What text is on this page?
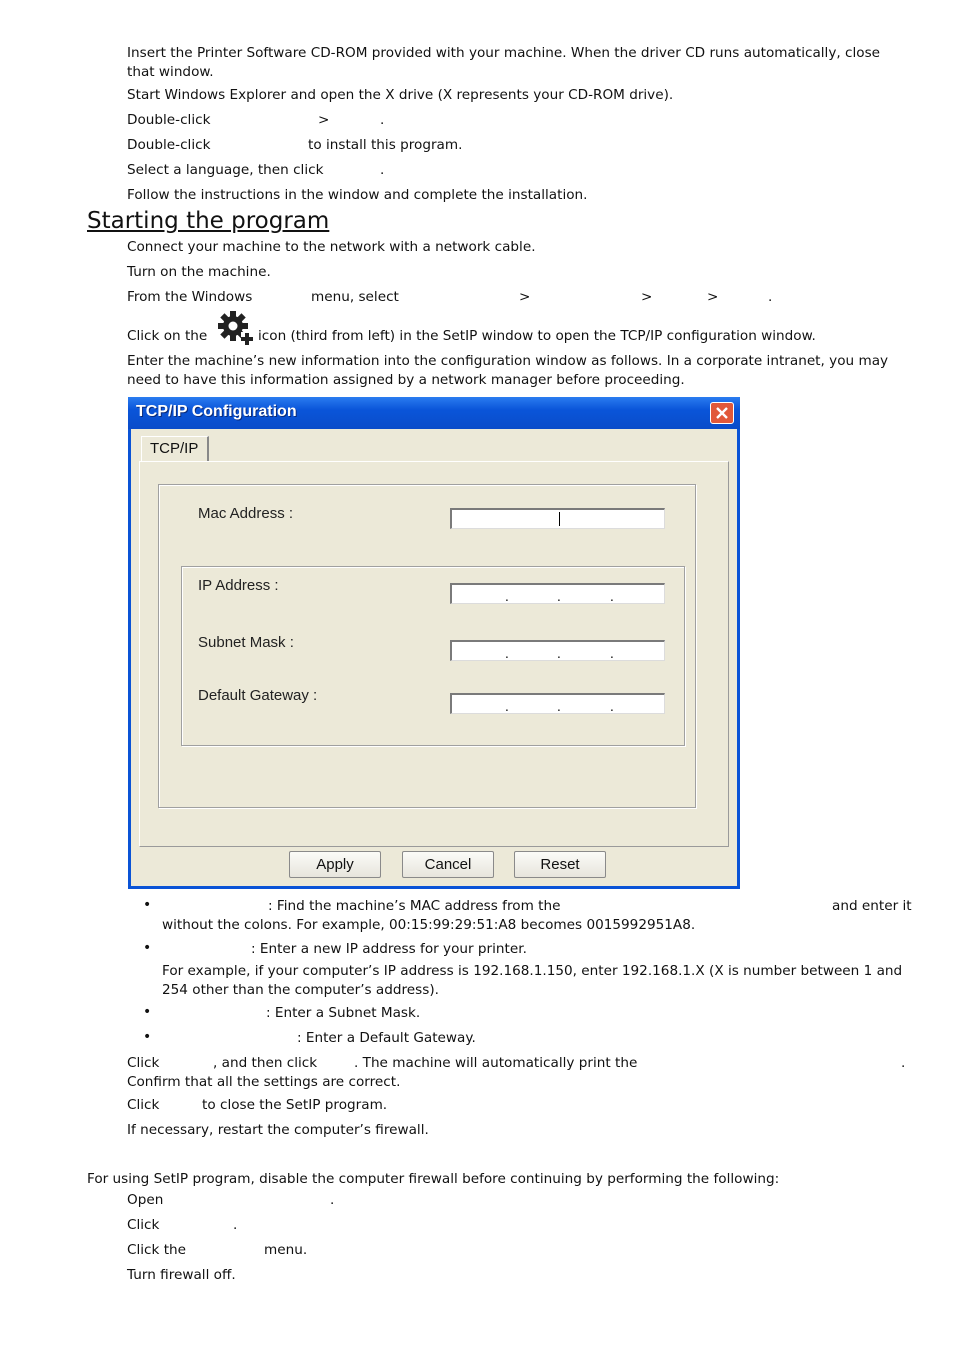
Insert the Printer Software CD-ROM provided with your machine. When the driver CD runs automatically, close that window.
Start Windows Explorer and open the X drive (X represents your CD-ROM drive).
Double-click	>	.
Double-click	to install this program.
Select a language, then click	.
Follow the instructions in the window and complete the installation.
Starting the program
Connect your machine to the network with a network cable.
Turn on the machine.
From the Windows	menu, select	>	>	>	.
Click on the	icon (third from left) in the SetIP window to open the TCP/IP configuration window.
Enter the machine’s new information into the configuration window as follows. In a corporate intranet, you may need to have this information assigned by a network manager before proceeding.
TCP/IP Configuration
TCP/IP
Mac Address :
IP Address :
.	.	.
Subnet Mask :
.	.	.
Default Gateway :
.	.	.
Apply	Cancel	Reset
•	: Find the machine’s MAC address from the	and enter it
without the colons. For example, 00:15:99:29:51:A8 becomes 0015992951A8.
•	: Enter a new IP address for your printer.
For example, if your computer’s IP address is 192.168.1.150, enter 192.168.1.X (X is number between 1 and 254 other than the computer’s address).
•	: Enter a Subnet Mask.
•	: Enter a Default Gateway.
Click	, and then click	. The machine will automatically print the	.
Confirm that all the settings are correct.
Click	to close the SetIP program.
If necessary, restart the computer’s firewall.
For using SetIP program, disable the computer firewall before continuing by performing the following:
Open	.
Click	.
Click the	menu.
Turn firewall off.
